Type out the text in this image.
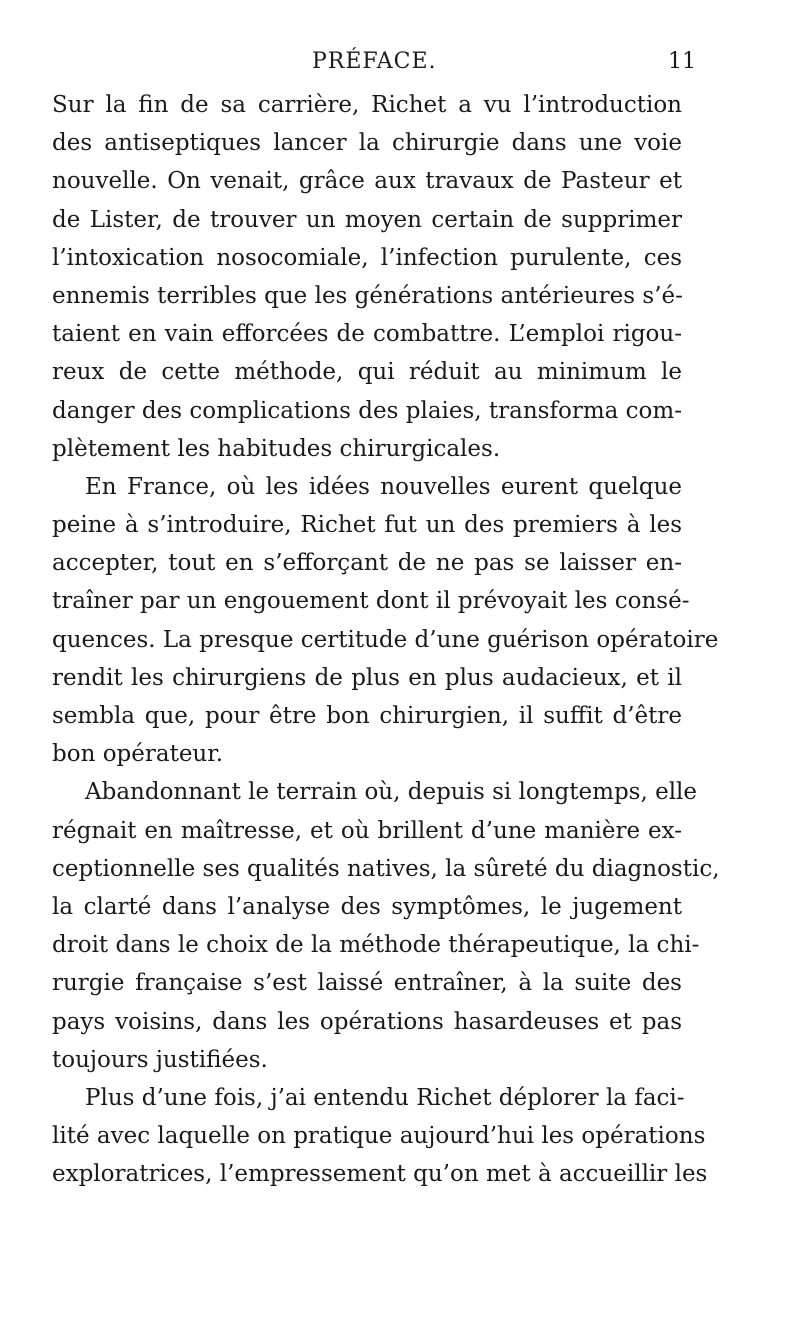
PRÉFACE.	11
Sur la fin de sa carrière, Richet a vu l’introduction
des antiseptiques lancer la chirurgie dans une voie
nouvelle. On venait, grâce aux travaux de Pasteur et
de Lister, de trouver un moyen certain de supprimer
l’intoxication nosocomiale, l’infection purulente, ces
ennemis terribles que les générations antérieures s’é-
taient en vain efforcées de combattre. L’emploi rigou-
reux de cette méthode, qui réduit au minimum le
danger des complications des plaies, transforma com-
plètement les habitudes chirurgicales.
En France, où les idées nouvelles eurent quelque
peine à s’introduire, Richet fut un des premiers à les
accepter, tout en s’efforçant de ne pas se laisser en-
traîner par un engouement dont il prévoyait les consé-
quences. La presque certitude d’une guérison opératoire
rendit les chirurgiens de plus en plus audacieux, et il
sembla que, pour être bon chirurgien, il suffit d’être
bon opérateur.
Abandonnant le terrain où, depuis si longtemps, elle
régnait en maîtresse, et où brillent d’une manière ex-
ceptionnelle ses qualités natives, la sûreté du diagnostic,
la clarté dans l’analyse des symptômes, le jugement
droit dans le choix de la méthode thérapeutique, la chi-
rurgie française s’est laissé entraîner, à la suite des
pays voisins, dans les opérations hasardeuses et pas
toujours justifiées.
Plus d’une fois, j’ai entendu Richet déplorer la faci-
lité avec laquelle on pratique aujourd’hui les opérations
exploratrices, l’empressement qu’on met à accueillir les
